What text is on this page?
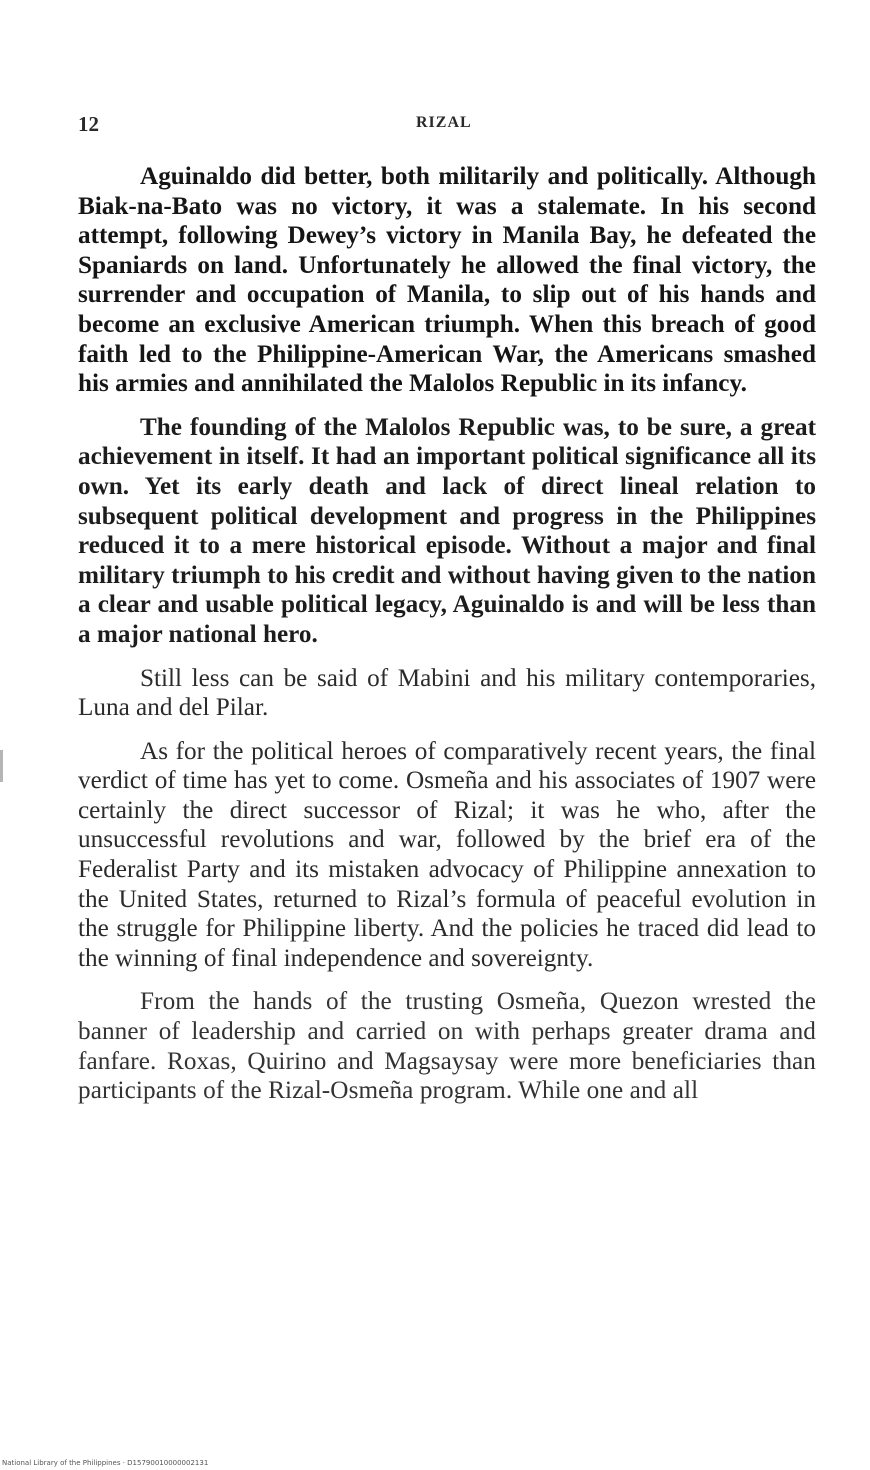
12	RIZAL

Aguinaldo did better, both militarily and politically. Although Biak-na-Bato was no victory, it was a stalemate. In his second attempt, following Dewey’s victory in Manila Bay, he defeated the Spaniards on land. Unfortunately he allowed the final victory, the surrender and occupation of Manila, to slip out of his hands and become an exclusive American triumph. When this breach of good faith led to the Philippine-American War, the Americans smashed his armies and annihilated the Malolos Republic in its infancy.

The founding of the Malolos Republic was, to be sure, a great achievement in itself. It had an important political significance all its own. Yet its early death and lack of direct lineal relation to subsequent political development and progress in the Philippines reduced it to a mere historical episode. Without a major and final military triumph to his credit and without having given to the nation a clear and usable political legacy, Aguinaldo is and will be less than a major national hero.

Still less can be said of Mabini and his military contemporaries, Luna and del Pilar.

As for the political heroes of comparatively recent years, the final verdict of time has yet to come. Osmeña and his associates of 1907 were certainly the direct successor of Rizal; it was he who, after the unsuccessful revolutions and war, followed by the brief era of the Federalist Party and its mistaken advocacy of Philippine annexation to the United States, returned to Rizal’s formula of peaceful evolution in the struggle for Philippine liberty. And the policies he traced did lead to the winning of final independence and sovereignty.

From the hands of the trusting Osmeña, Quezon wrested the banner of leadership and carried on with perhaps greater drama and fanfare. Roxas, Quirino and Magsaysay were more beneficiaries than participants of the Rizal-Osmeña program. While one and all

National Library of the Philippines · D15790010000002131
